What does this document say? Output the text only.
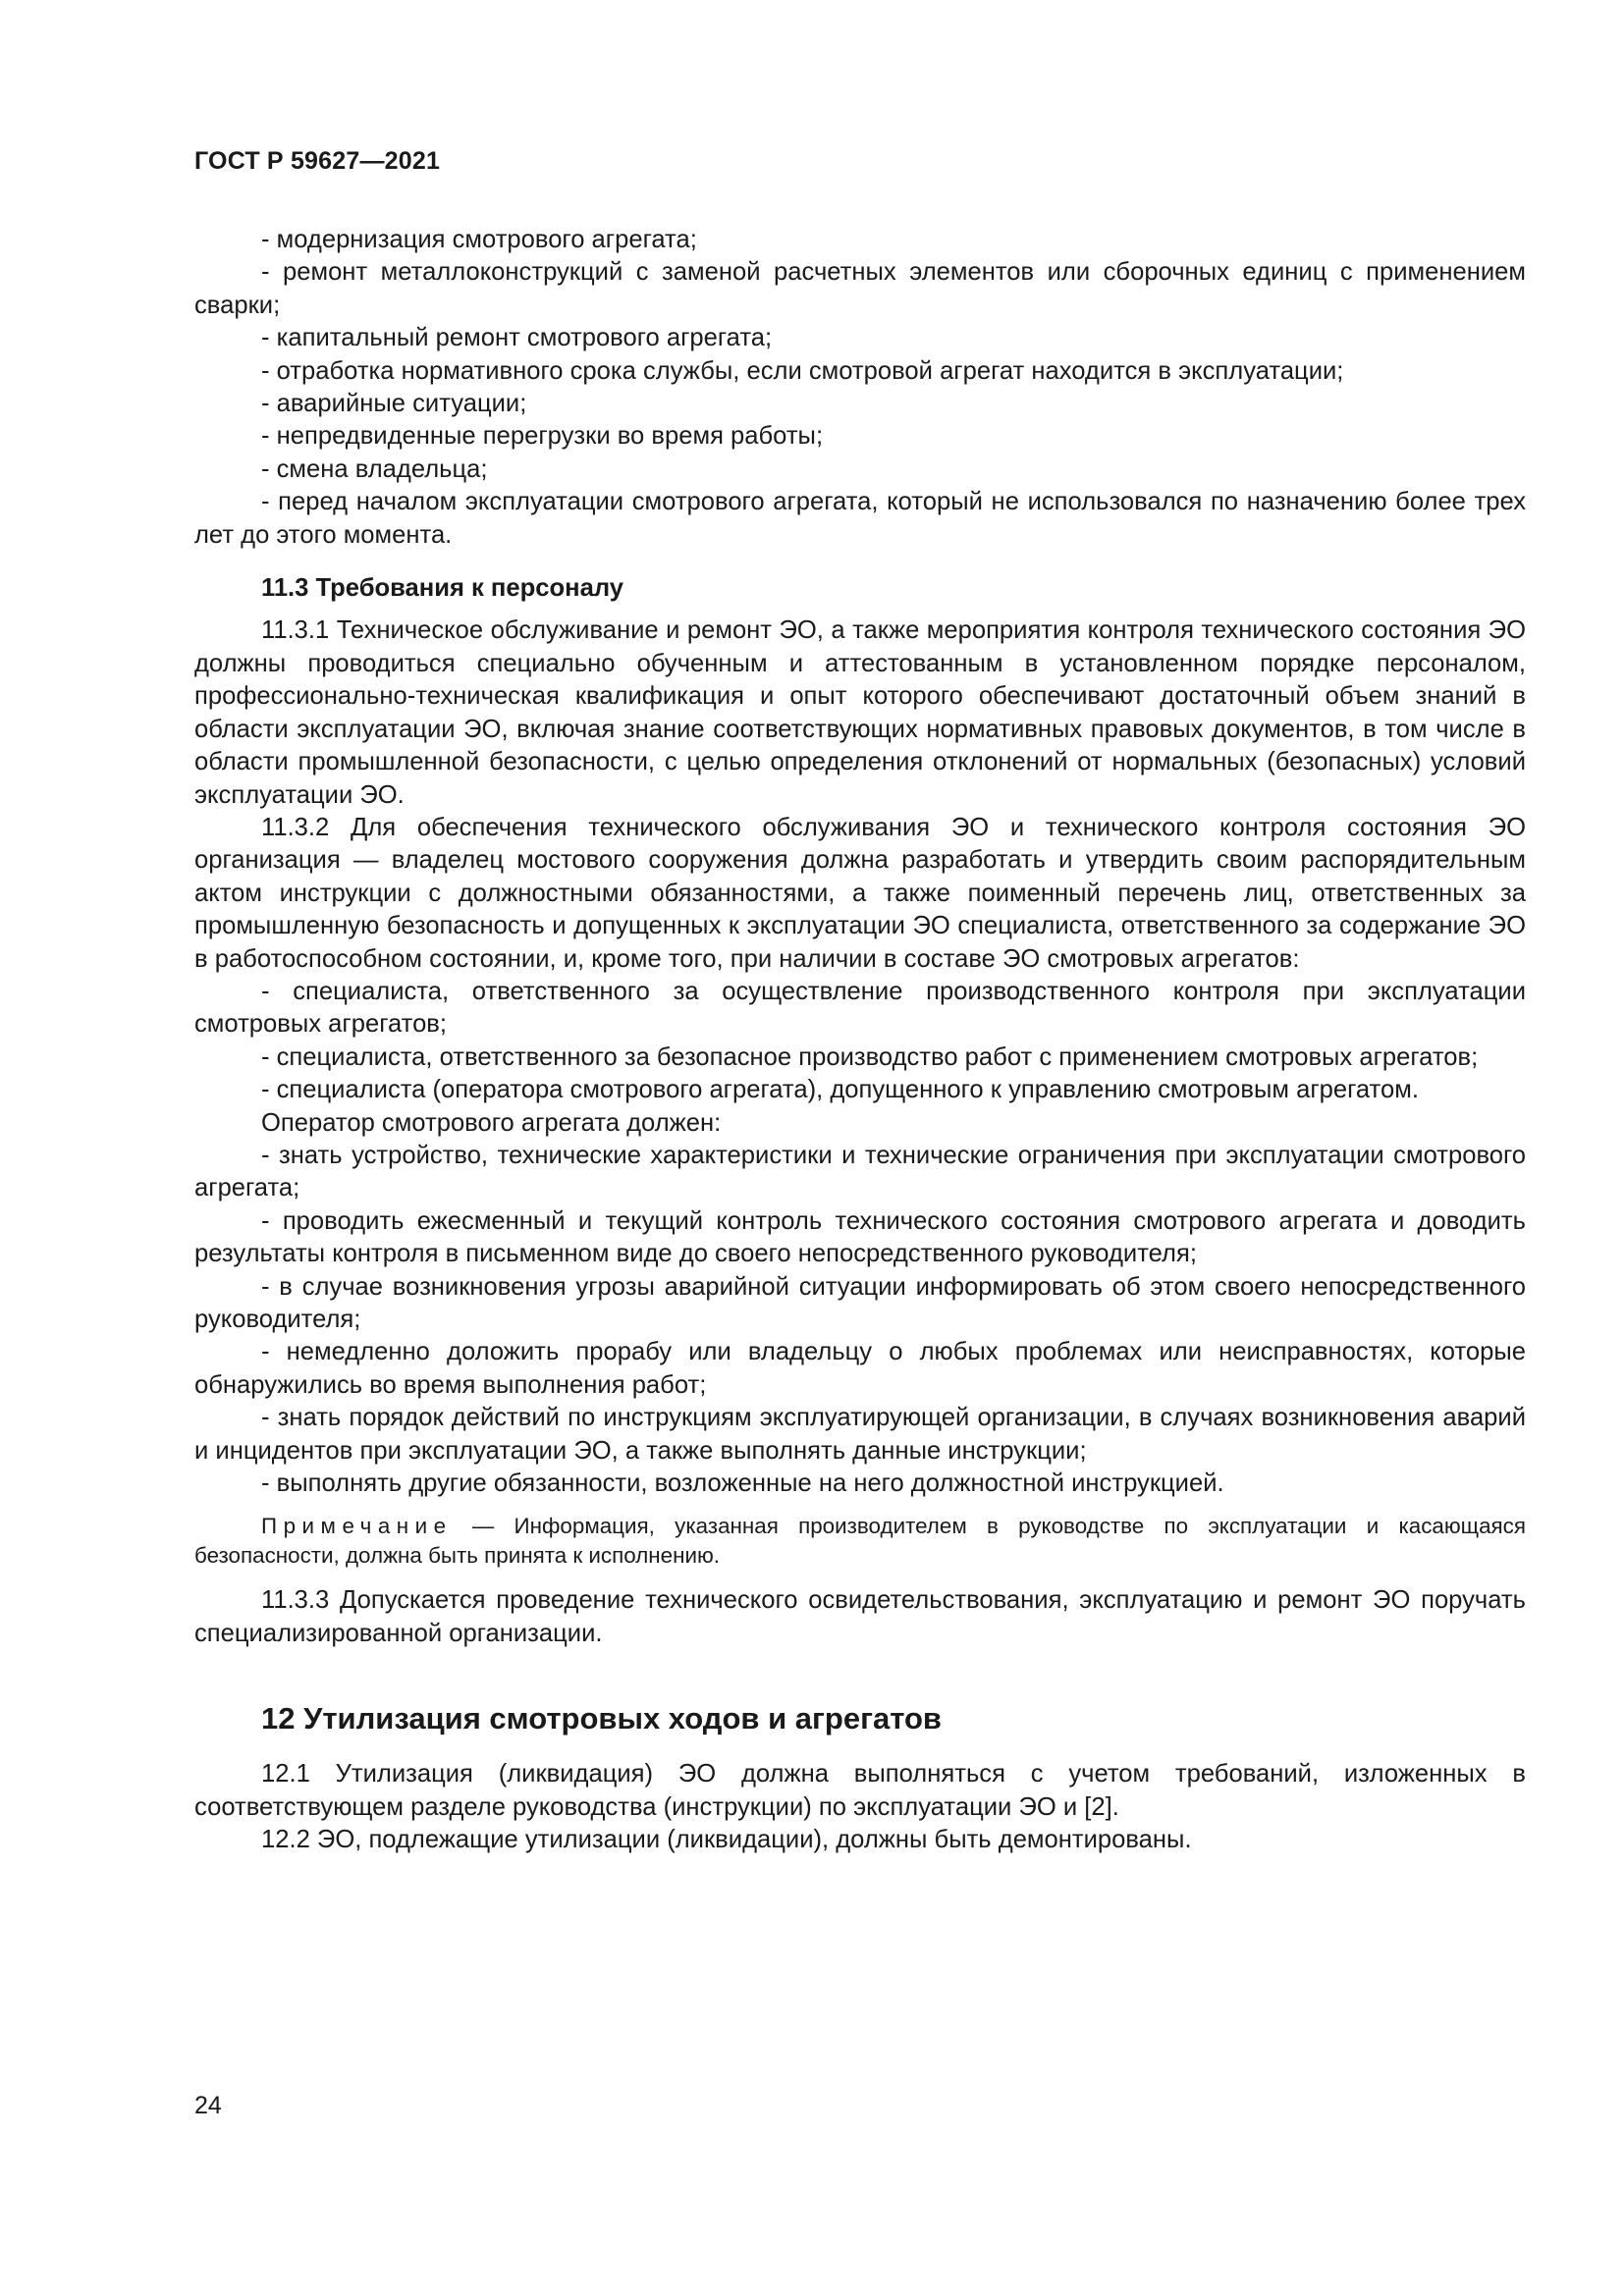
ГОСТ Р 59627—2021

- модернизация смотрового агрегата;

- ремонт металлоконструкций с заменой расчетных элементов или сборочных единиц с применением сварки;

- капитальный ремонт смотрового агрегата;

- отработка нормативного срока службы, если смотровой агрегат находится в эксплуатации;

- аварийные ситуации;

- непредвиденные перегрузки во время работы;

- смена владельца;

- перед началом эксплуатации смотрового агрегата, который не использовался по назначению более трех лет до этого момента.

11.3 Требования к персоналу

11.3.1 Техническое обслуживание и ремонт ЭО, а также мероприятия контроля технического состояния ЭО должны проводиться специально обученным и аттестованным в установленном порядке персоналом, профессионально-техническая квалификация и опыт которого обеспечивают достаточный объем знаний в области эксплуатации ЭО, включая знание соответствующих нормативных правовых документов, в том числе в области промышленной безопасности, с целью определения отклонений от нормальных (безопасных) условий эксплуатации ЭО.

11.3.2 Для обеспечения технического обслуживания ЭО и технического контроля состояния ЭО организация — владелец мостового сооружения должна разработать и утвердить своим распорядительным актом инструкции с должностными обязанностями, а также поименный перечень лиц, ответственных за промышленную безопасность и допущенных к эксплуатации ЭО специалиста, ответственного за содержание ЭО в работоспособном состоянии, и, кроме того, при наличии в составе ЭО смотровых агрегатов:

- специалиста, ответственного за осуществление производственного контроля при эксплуатации смотровых агрегатов;

- специалиста, ответственного за безопасное производство работ с применением смотровых агрегатов;

- специалиста (оператора смотрового агрегата), допущенного к управлению смотровым агрегатом.

Оператор смотрового агрегата должен:

- знать устройство, технические характеристики и технические ограничения при эксплуатации смотрового агрегата;

- проводить ежесменный и текущий контроль технического состояния смотрового агрегата и доводить результаты контроля в письменном виде до своего непосредственного руководителя;

- в случае возникновения угрозы аварийной ситуации информировать об этом своего непосредственного руководителя;

- немедленно доложить прорабу или владельцу о любых проблемах или неисправностях, которые обнаружились во время выполнения работ;

- знать порядок действий по инструкциям эксплуатирующей организации, в случаях возникновения аварий и инцидентов при эксплуатации ЭО, а также выполнять данные инструкции;

- выполнять другие обязанности, возложенные на него должностной инструкцией.

Примечание — Информация, указанная производителем в руководстве по эксплуатации и касающаяся безопасности, должна быть принята к исполнению.

11.3.3 Допускается проведение технического освидетельствования, эксплуатацию и ремонт ЭО поручать специализированной организации.

12 Утилизация смотровых ходов и агрегатов

12.1 Утилизация (ликвидация) ЭО должна выполняться с учетом требований, изложенных в соответствующем разделе руководства (инструкции) по эксплуатации ЭО и [2].

12.2 ЭО, подлежащие утилизации (ликвидации), должны быть демонтированы.

24
